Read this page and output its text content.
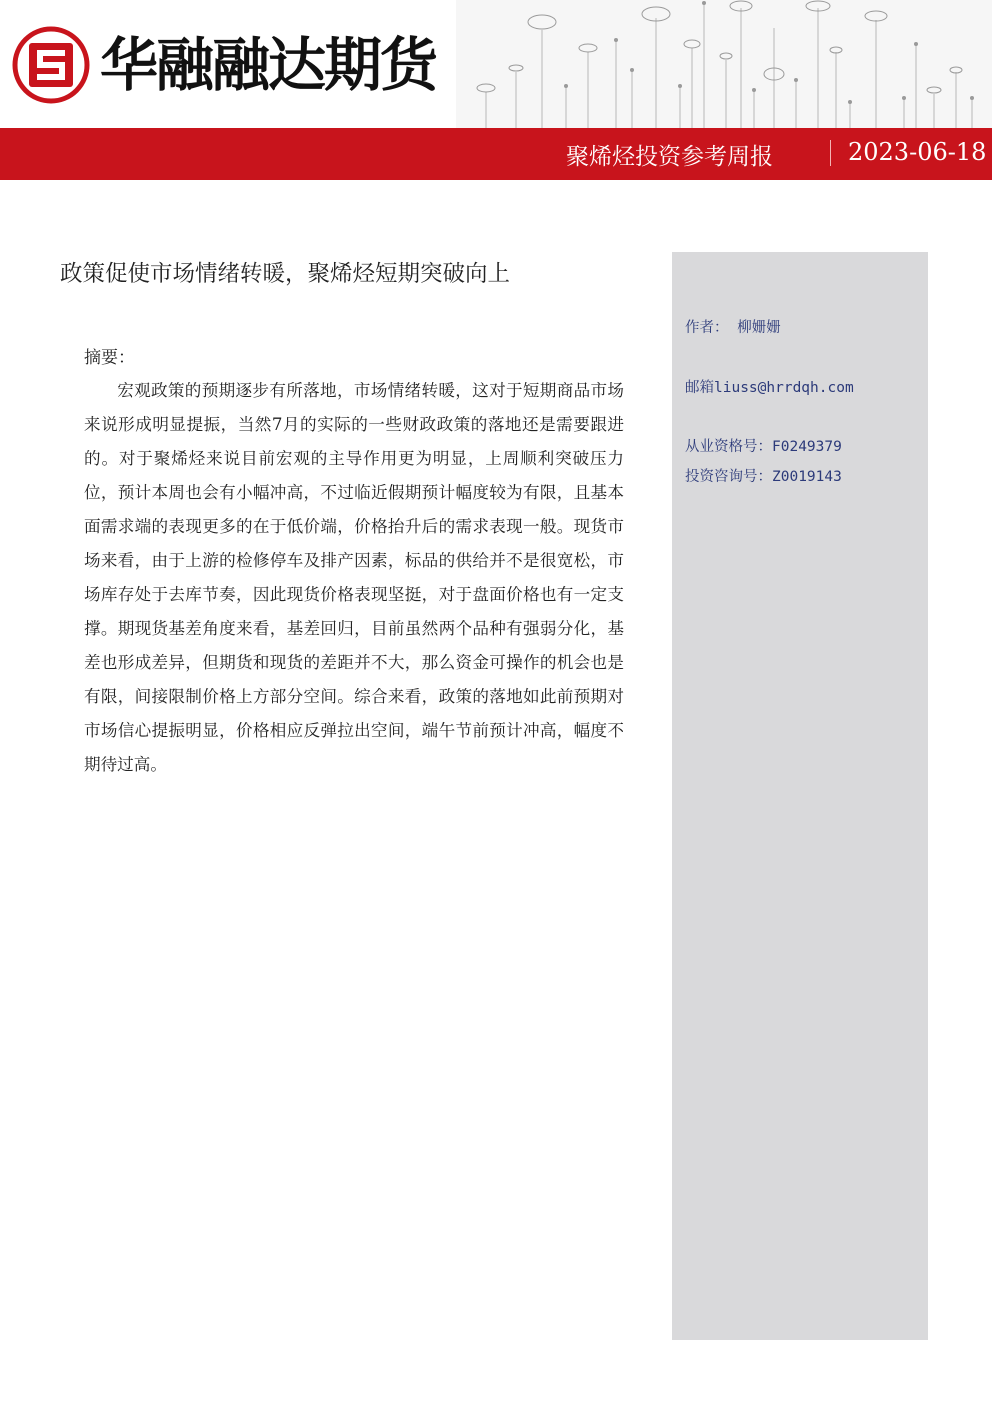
华融融达期货
聚烯烃投资参考周报	2023-06-18
政策促使市场情绪转暖，聚烯烃短期突破向上
摘要：

宏观政策的预期逐步有所落地，市场情绪转暖，这对于短期商品市场来说形成明显提振，当然7月的实际的一些财政政策的落地还是需要跟进的。对于聚烯烃来说目前宏观的主导作用更为明显，上周顺利突破压力位，预计本周也会有小幅冲高，不过临近假期预计幅度较为有限，且基本面需求端的表现更多的在于低价端，价格抬升后的需求表现一般。现货市场来看，由于上游的检修停车及排产因素，标品的供给并不是很宽松，市场库存处于去库节奏，因此现货价格表现坚挺，对于盘面价格也有一定支撑。期现货基差角度来看，基差回归，目前虽然两个品种有强弱分化，基差也形成差异，但期货和现货的差距并不大，那么资金可操作的机会也是有限，间接限制价格上方部分空间。综合来看，政策的落地如此前预期对市场信心提振明显，价格相应反弹拉出空间，端午节前预计冲高，幅度不期待过高。

作者： 柳姗姗
邮箱liuss@hrrdqh.com
从业资格号：F0249379
投资咨询号：Z0019143
